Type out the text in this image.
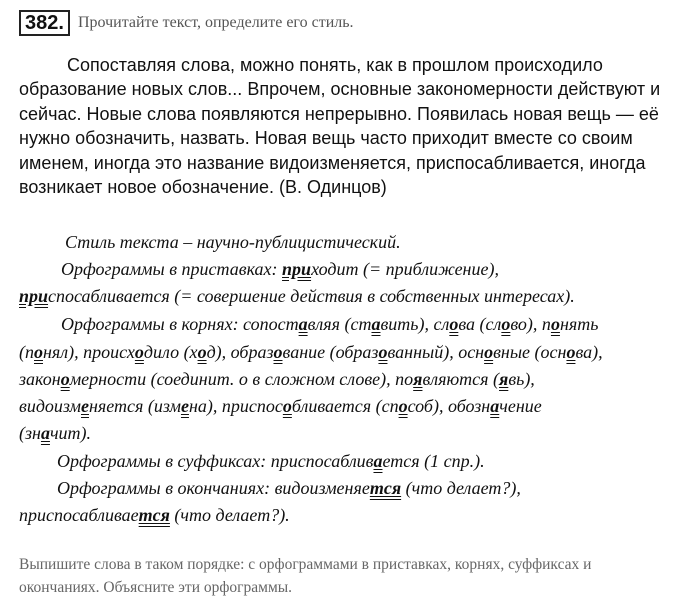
382. Прочитайте текст, определите его стиль.
Сопоставляя слова, можно понять, как в прошлом происходило
образование новых слов... Впрочем, основные закономерности действуют и
сейчас. Новые слова появляются непрерывно. Появилась новая вещь — её
нужно обозначить, назвать. Новая вещь часто приходит вместе со своим
именем, иногда это название видоизменяется, приспосабливается, иногда
возникает новое обозначение. (В. Одинцов)
Стиль текста – научно-публицистический.
Орфограммы в приставках: приходит (= приближение),
приспосабливается (= совершение действия в собственных интересах).
Орфограммы в корнях: сопоставляя (ставить), слова (слово), понять
(понял), происходило (ход), образование (образованный), основные (основа),
закономерности (соединит. о в сложном слове), появляются (явь),
видоизменяется (измена), приспособливается (способ), обозначение
(значит).
Орфограммы в суффиксах: приспосабливается (1 спр.).
Орфограммы в окончаниях: видоизменяется (что делает?),
приспосабливается (что делает?).
Выпишите слова в таком порядке: с орфограммами в приставках, корнях, суффиксах и
окончаниях. Объясните эти орфограммы.
